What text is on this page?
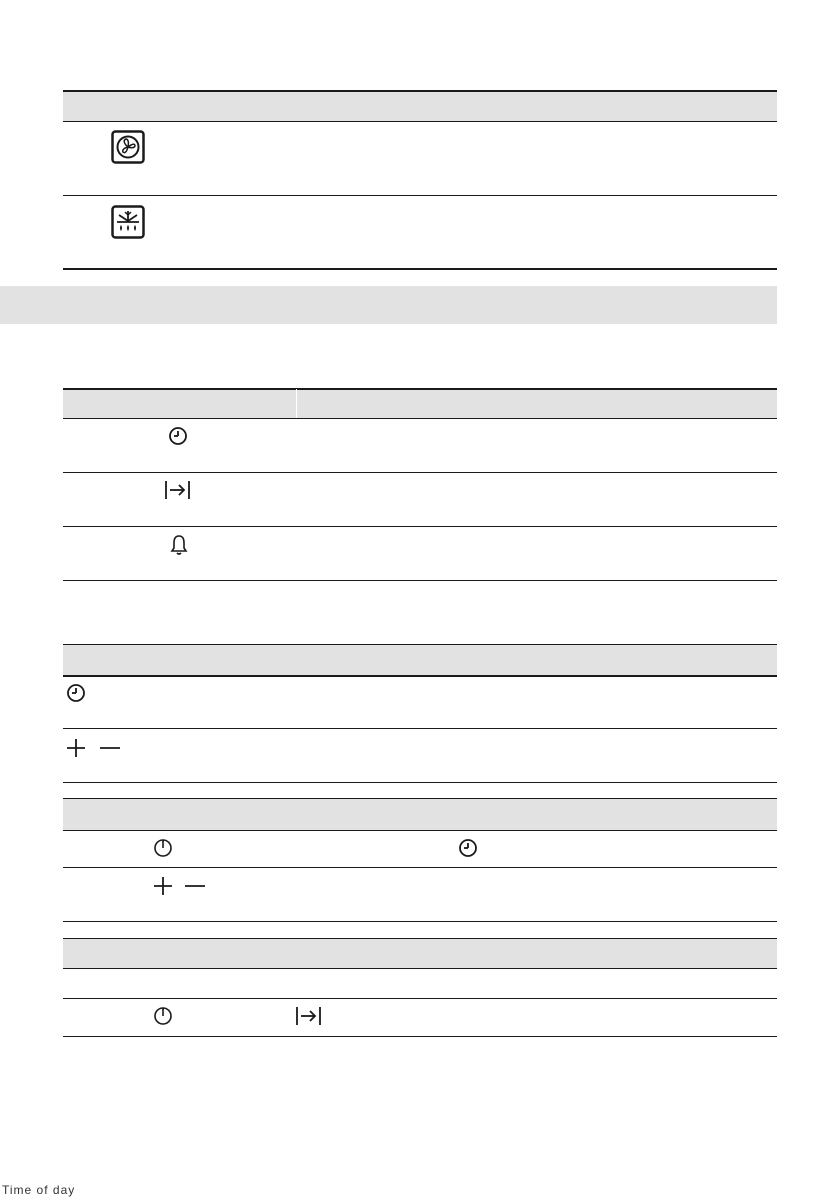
Time of day
